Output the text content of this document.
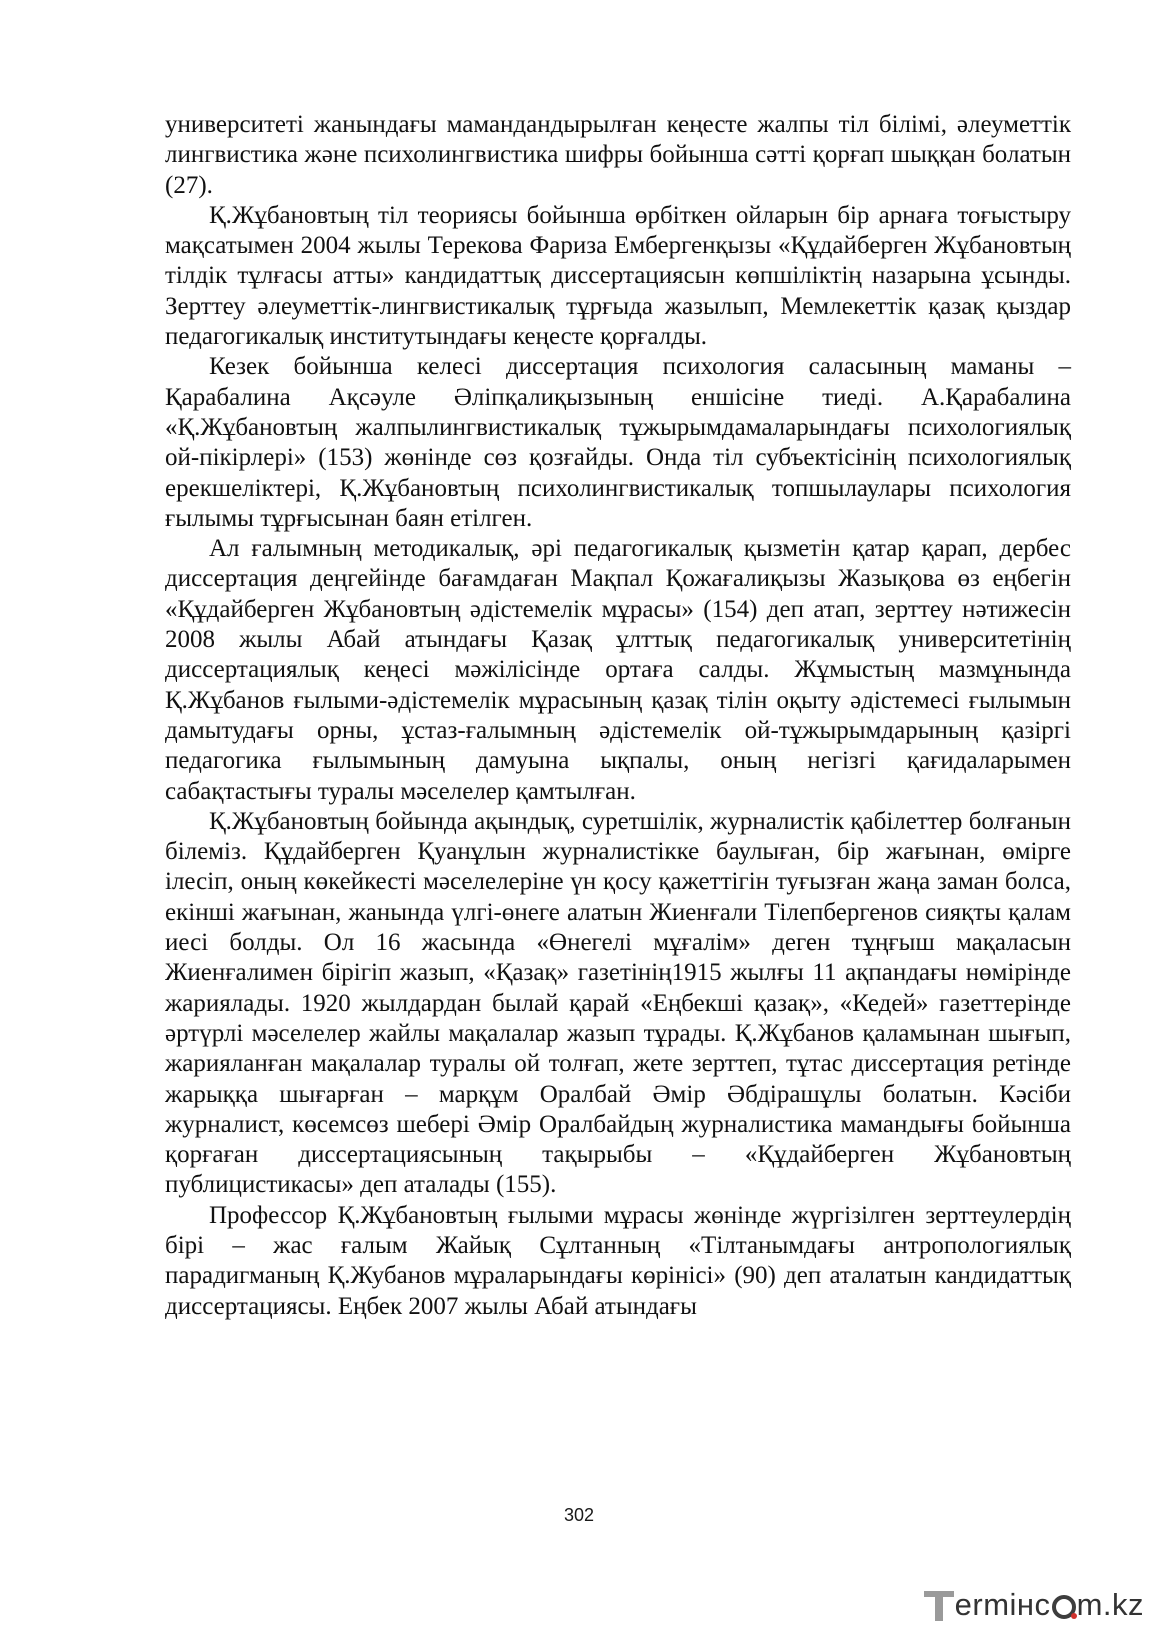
университеті жанындағы мамандандырылған кеңесте жалпы тіл білімі, әлеуметтік лингвистика және психолингвистика шифры бойынша сәтті қорғап шыққан болатын (27).

Қ.Жұбановтың тіл теориясы бойынша өрбіткен ойларын бір арнаға тоғыстыру мақсатымен 2004 жылы Терекова Фариза Ембергенқызы «Құдайберген Жұбановтың тілдік тұлғасы атты» кандидаттық диссертациясын көпшіліктің назарына ұсынды. Зерттеу әлеуметтік-лингвистикалық тұрғыда жазылып, Мемлекеттік қазақ қыздар педагогикалық институтындағы кеңесте қорғалды.

Кезек бойынша келесі диссертация психология саласының маманы – Қарабалина Ақсәуле Әліпқалиқызының еншісіне тиеді. А.Қарабалина «Қ.Жұбановтың жалпылингвистикалық тұжырымдамаларындағы психологиялық ой-пікірлері» (153) жөнінде сөз қозғайды. Онда тіл субъектісінің психологиялық ерекшеліктері, Қ.Жұбановтың психолингвистикалық топшылаулары психология ғылымы тұрғысынан баян етілген.

Ал ғалымның методикалық, әрі педагогикалық қызметін қатар қарап, дербес диссертация деңгейінде бағамдаған Мақпал Қожағалиқызы Жазықова өз еңбегін «Құдайберген Жұбановтың әдістемелік мұрасы» (154) деп атап, зерттеу нәтижесін 2008 жылы Абай атындағы Қазақ ұлттық педагогикалық университетінің диссертациялық кеңесі мәжілісінде ортаға салды. Жұмыстың мазмұнында Қ.Жұбанов ғылыми-әдістемелік мұрасының қазақ тілін оқыту әдістемесі ғылымын дамытудағы орны, ұстаз-ғалымның әдістемелік ой-тұжырымдарының қазіргі педагогика ғылымының дамуына ықпалы, оның негізгі қағидаларымен сабақтастығы туралы мәселелер қамтылған.

Қ.Жұбановтың бойында ақындық, суретшілік, журналистік қабілеттер болғанын білеміз. Құдайберген Қуанұлын журналистікке баулыған, бір жағынан, өмірге ілесіп, оның көкейкесті мәселелеріне үн қосу қажеттігін туғызған жаңа заман болса, екінші жағынан, жанында үлгі-өнеге алатын Жиенғали Тілепбергенов сияқты қалам иесі болды. Ол 16 жасында «Өнегелі мұғалім» деген тұңғыш мақаласын Жиенғалимен бірігіп жазып, «Қазақ» газетінің1915 жылғы 11 ақпандағы нөмірінде жариялады. 1920 жылдардан былай қарай «Еңбекші қазақ», «Кедей» газеттерінде әртүрлі мәселелер жайлы мақалалар жазып тұрады. Қ.Жұбанов қаламынан шығып, жарияланған мақалалар туралы ой толғап, жете зерттеп, тұтас диссертация ретінде жарыққа шығарған – марқұм Оралбай Әмір Әбдірашұлы болатын. Кәсіби журналист, көсемсөз шебері Әмір Оралбайдың журналистика мамандығы бойынша қорғаған диссертациясының тақырыбы – «Құдайберген Жұбановтың публицистикасы» деп аталады (155).

Профессор Қ.Жұбановтың ғылыми мұрасы жөнінде жүргізілген зерттеулердің бірі – жас ғалым Жайық Сұлтанның «Тілтанымдағы антропологиялық парадигманың Қ.Жубанов мұраларындағы көрінісі» (90) деп аталатын кандидаттық диссертациясы. Еңбек 2007 жылы Абай атындағы

302
ermінc m.kz
